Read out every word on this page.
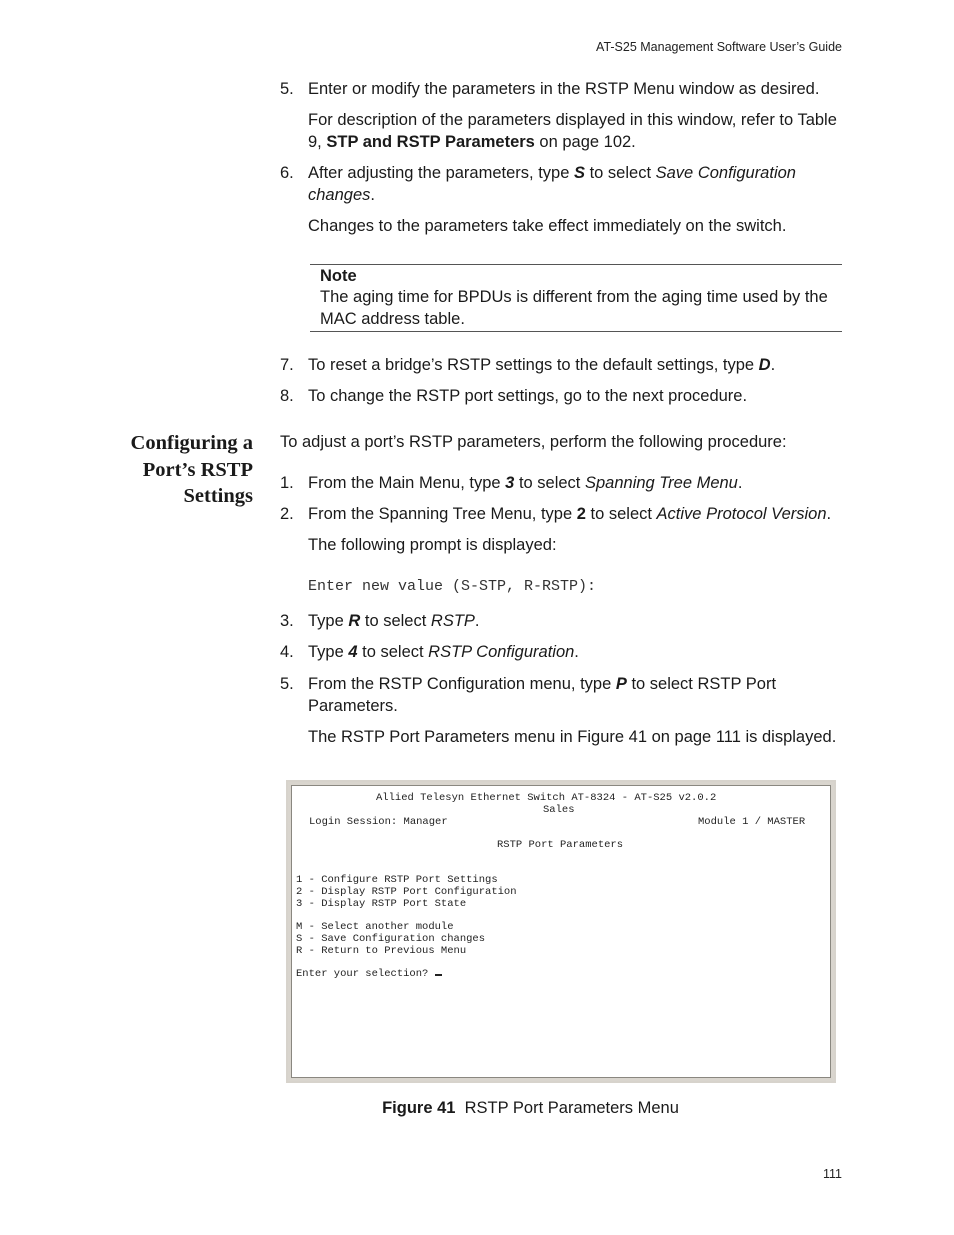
AT-S25 Management Software User’s Guide
5. Enter or modify the parameters in the RSTP Menu window as desired.
For description of the parameters displayed in this window, refer to Table 9, STP and RSTP Parameters on page 102.
6. After adjusting the parameters, type S to select Save Configuration changes.
Changes to the parameters take effect immediately on the switch.
Note
The aging time for BPDUs is different from the aging time used by the MAC address table.
7. To reset a bridge’s RSTP settings to the default settings, type D.
8. To change the RSTP port settings, go to the next procedure.
Configuring a
Port’s RSTP
Settings
To adjust a port’s RSTP parameters, perform the following procedure:
1. From the Main Menu, type 3 to select Spanning Tree Menu.
2. From the Spanning Tree Menu, type 2 to select Active Protocol Version.
The following prompt is displayed:
Enter new value (S-STP, R-RSTP):
3. Type R to select RSTP.
4. Type 4 to select RSTP Configuration.
5. From the RSTP Configuration menu, type P to select RSTP Port Parameters.
The RSTP Port Parameters menu in Figure 41 on page 111 is displayed.
Allied Telesyn Ethernet Switch AT-8324 - AT-S25 v2.0.2
Sales
Login Session: Manager	Module 1 / MASTER
RSTP Port Parameters
1 - Configure RSTP Port Settings
2 - Display RSTP Port Configuration
3 - Display RSTP Port State
M - Select another module
S - Save Configuration changes
R - Return to Previous Menu
Enter your selection?
Figure 41 RSTP Port Parameters Menu
111
